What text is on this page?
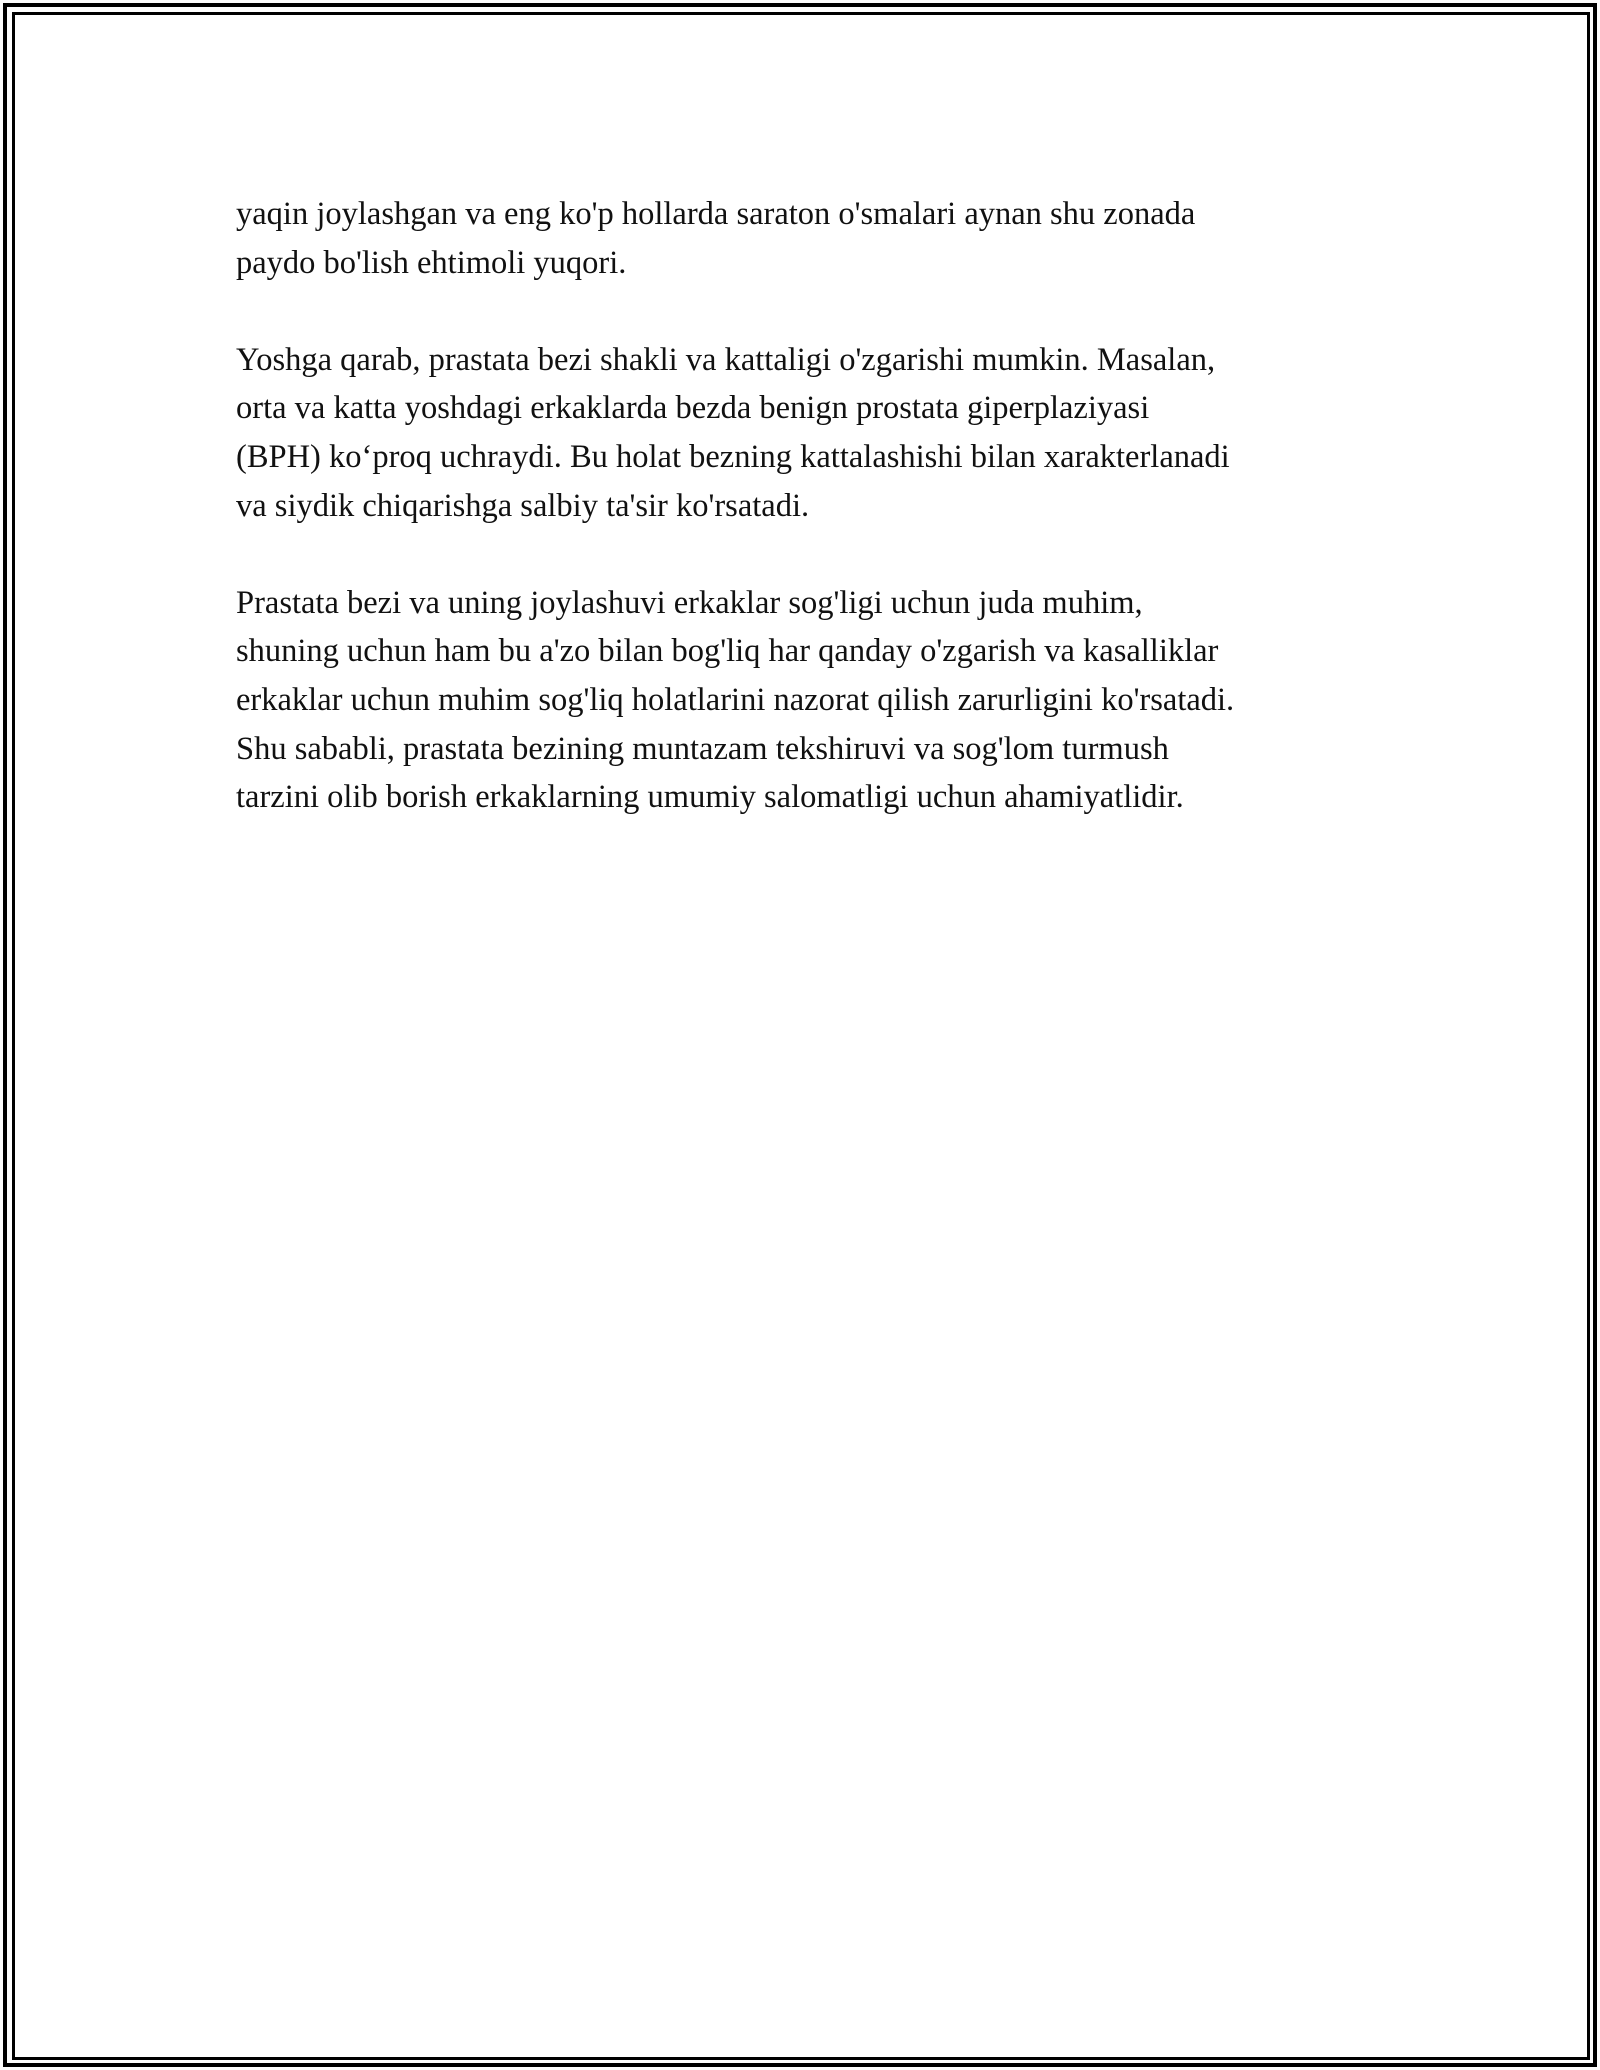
yaqin joylashgan va eng ko'p hollarda saraton o'smalari aynan shu zonada
paydo bo'lish ehtimoli yuqori.

Yoshga qarab, prastata bezi shakli va kattaligi o'zgarishi mumkin. Masalan,
orta va katta yoshdagi erkaklarda bezda benign prostata giperplaziyasi
(BPH) ko‘proq uchraydi. Bu holat bezning kattalashishi bilan xarakterlanadi
va siydik chiqarishga salbiy ta'sir ko'rsatadi.

Prastata bezi va uning joylashuvi erkaklar sog'ligi uchun juda muhim,
shuning uchun ham bu a'zo bilan bog'liq har qanday o'zgarish va kasalliklar
erkaklar uchun muhim sog'liq holatlarini nazorat qilish zarurligini ko'rsatadi.
Shu sababli, prastata bezining muntazam tekshiruvi va sog'lom turmush
tarzini olib borish erkaklarning umumiy salomatligi uchun ahamiyatlidir.
